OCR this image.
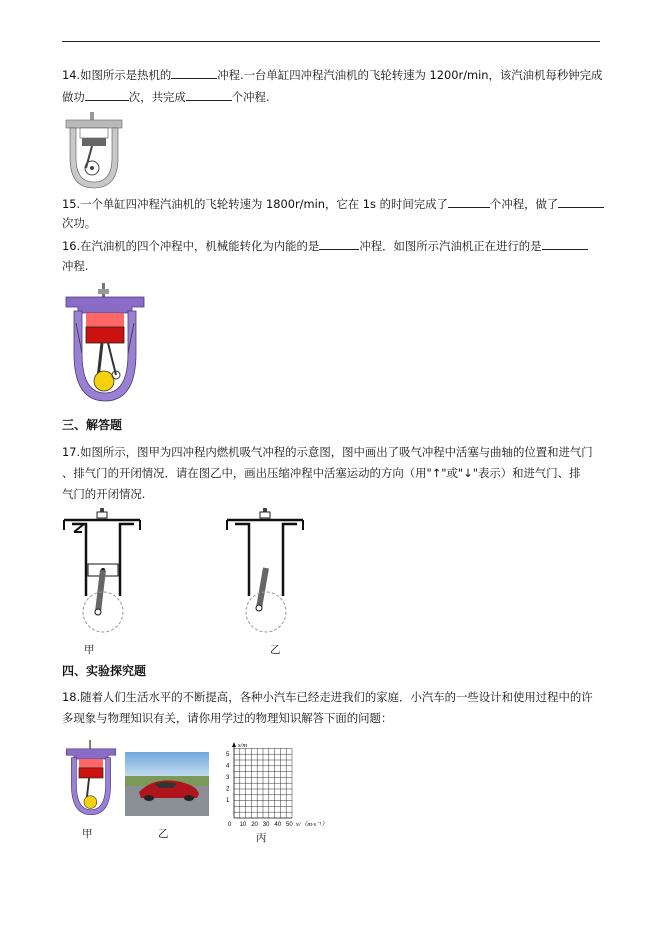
14.如图所示是热机的	冲程.一台单缸四冲程汽油机的飞轮转速为 1200r/min，该汽油机每秒钟完成
做功	次，共完成	个冲程.
15.一个单缸四冲程汽油机的飞轮转速为 1800r/min，它在 1s 的时间完成了	个冲程，做了
次功。
16.在汽油机的四个冲程中，机械能转化为内能的是	冲程．如图所示汽油机正在进行的是
冲程.
三、解答题
17.如图所示，图甲为四冲程内燃机吸气冲程的示意图，图中画出了吸气冲程中活塞与曲轴的位置和进气门
、排气门的开闭情况．请在图乙中，画出压缩冲程中活塞运动的方向（用"↑"或"↓"表示）和进气门、排
气门的开闭情况.
甲	乙
四、实验探究题
18.随着人们生活水平的不断提高，各种小汽车已经走进我们的家庭．小汽车的一些设计和使用过程中的许
多现象与物理知识有关，请你用学过的物理知识解答下面的问题：
甲	乙
s/m
v/（m·s⁻¹）
5
4
3
2
1
0 10 20 30 40 50
丙
